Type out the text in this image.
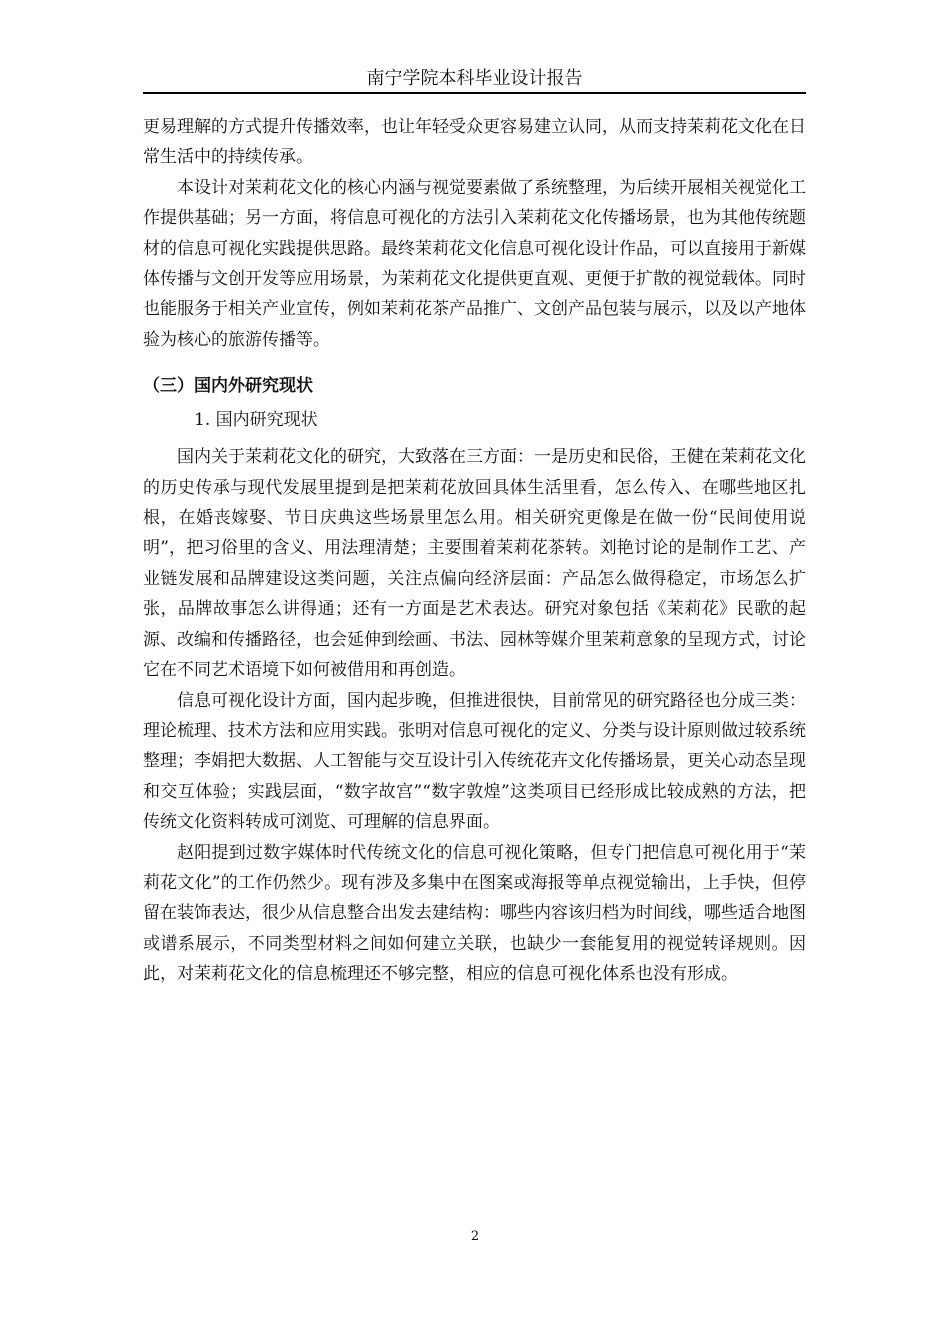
南宁学院本科毕业设计报告

更易理解的方式提升传播效率，也让年轻受众更容易建立认同，从而支持茉莉花文化在日常生活中的持续传承。

本设计对茉莉花文化的核心内涵与视觉要素做了系统整理，为后续开展相关视觉化工作提供基础；另一方面，将信息可视化的方法引入茉莉花文化传播场景，也为其他传统题材的信息可视化实践提供思路。最终茉莉花文化信息可视化设计作品，可以直接用于新媒体传播与文创开发等应用场景，为茉莉花文化提供更直观、更便于扩散的视觉载体。同时也能服务于相关产业宣传，例如茉莉花茶产品推广、文创产品包装与展示，以及以产地体验为核心的旅游传播等。

（三）国内外研究现状
1. 国内研究现状

国内关于茉莉花文化的研究，大致落在三方面：一是历史和民俗，王健在茉莉花文化的历史传承与现代发展里提到是把茉莉花放回具体生活里看，怎么传入、在哪些地区扎根，在婚丧嫁娶、节日庆典这些场景里怎么用。相关研究更像是在做一份“民间使用说明”，把习俗里的含义、用法理清楚；主要围着茉莉花茶转。刘艳讨论的是制作工艺、产业链发展和品牌建设这类问题，关注点偏向经济层面：产品怎么做得稳定，市场怎么扩张，品牌故事怎么讲得通；还有一方面是艺术表达。研究对象包括《茉莉花》民歌的起源、改编和传播路径，也会延伸到绘画、书法、园林等媒介里茉莉意象的呈现方式，讨论它在不同艺术语境下如何被借用和再创造。

信息可视化设计方面，国内起步晚，但推进很快，目前常见的研究路径也分成三类：理论梳理、技术方法和应用实践。张明对信息可视化的定义、分类与设计原则做过较系统整理；李娟把大数据、人工智能与交互设计引入传统花卉文化传播场景，更关心动态呈现和交互体验；实践层面，“数字故宫”“数字敦煌”这类项目已经形成比较成熟的方法，把传统文化资料转成可浏览、可理解的信息界面。

赵阳提到过数字媒体时代传统文化的信息可视化策略，但专门把信息可视化用于“茉莉花文化”的工作仍然少。现有涉及多集中在图案或海报等单点视觉输出，上手快，但停留在装饰表达，很少从信息整合出发去建结构：哪些内容该归档为时间线，哪些适合地图或谱系展示，不同类型材料之间如何建立关联，也缺少一套能复用的视觉转译规则。因此，对茉莉花文化的信息梳理还不够完整，相应的信息可视化体系也没有形成。

2
